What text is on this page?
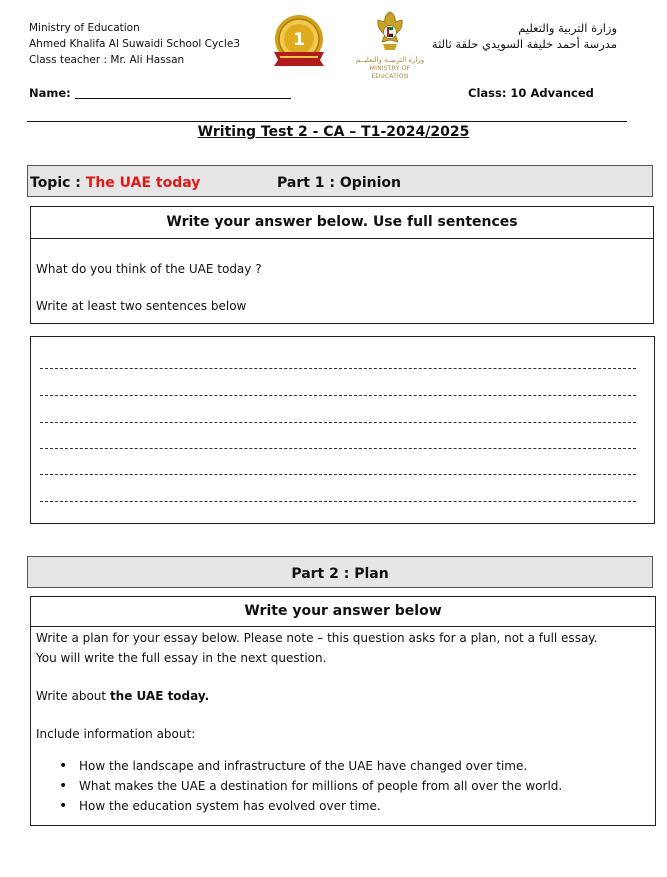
Ministry of Education
Ahmed Khalifa Al Suwaidi School Cycle3
Class teacher : Mr. Ali Hassan
1
وزارة التربيــة والتعليــم
MINISTRY OF EDUCATION
وزارة التربية والتعليم
مدرسة أحمد خليفة السويدي حلقة ثالثة
Name:	Class: 10 Advanced
Writing Test 2 - CA – T1-2024/2025
Topic : The UAE today	Part 1 : Opinion
Write your answer below. Use full sentences
What do you think of the UAE today ?
Write at least two sentences below
Part 2 : Plan
Write your answer below
Write a plan for your essay below. Please note – this question asks for a plan, not a full essay.
You will write the full essay in the next question.
Write about the UAE today.
Include information about:
• How the landscape and infrastructure of the UAE have changed over time.
• What makes the UAE a destination for millions of people from all over the world.
• How the education system has evolved over time.
